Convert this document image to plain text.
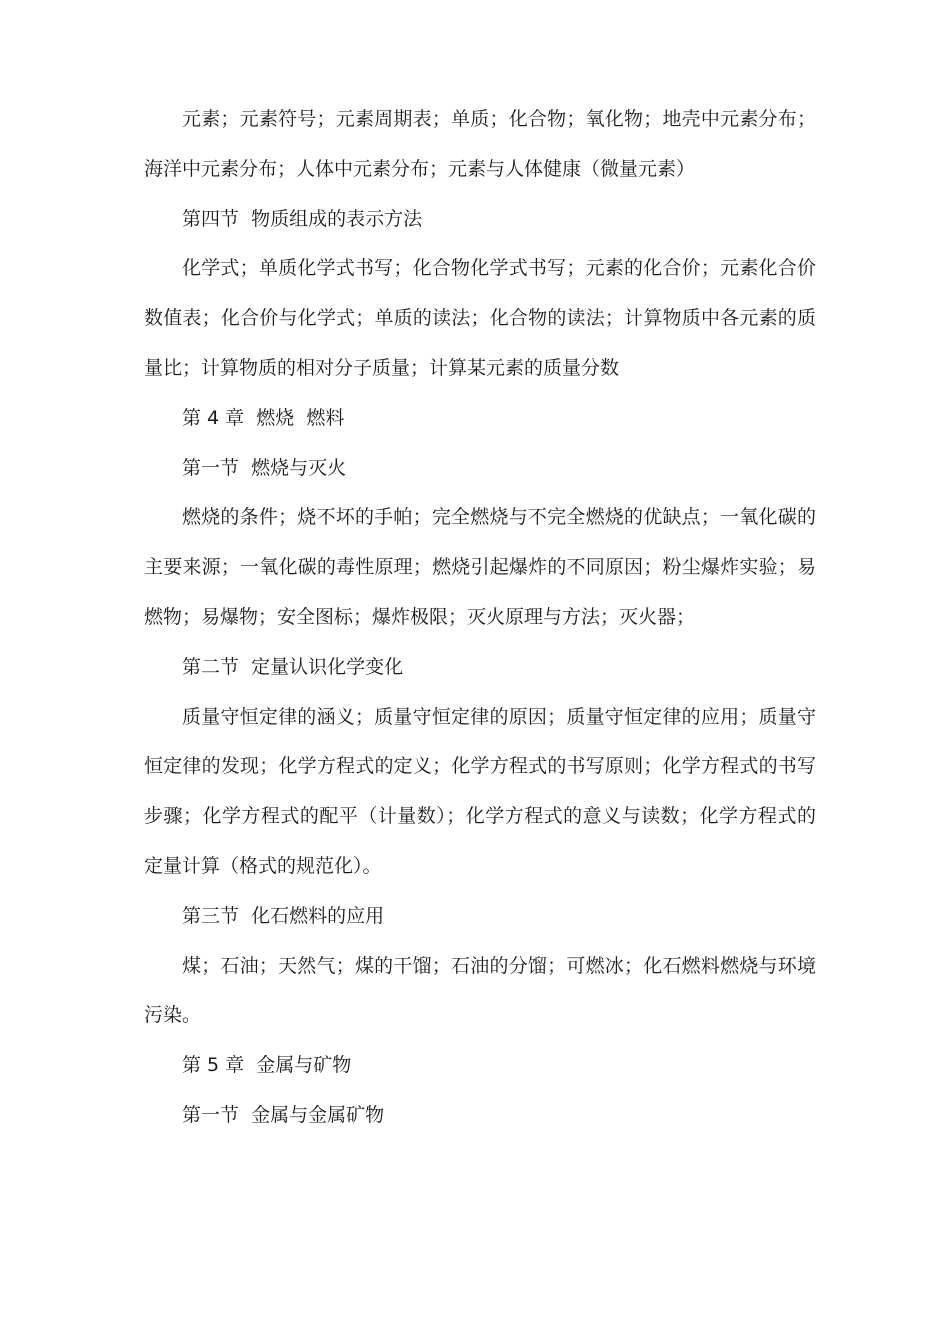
元素；元素符号；元素周期表；单质；化合物；氧化物；地壳中元素分布；海洋中元素分布；人体中元素分布；元素与人体健康（微量元素）

第四节  物质组成的表示方法

化学式；单质化学式书写；化合物化学式书写；元素的化合价；元素化合价数值表；化合价与化学式；单质的读法；化合物的读法；计算物质中各元素的质量比；计算物质的相对分子质量；计算某元素的质量分数

第 4 章  燃烧  燃料

第一节  燃烧与灭火

燃烧的条件；烧不坏的手帕；完全燃烧与不完全燃烧的优缺点；一氧化碳的主要来源；一氧化碳的毒性原理；燃烧引起爆炸的不同原因；粉尘爆炸实验；易燃物；易爆物；安全图标；爆炸极限；灭火原理与方法；灭火器；

第二节  定量认识化学变化

质量守恒定律的涵义；质量守恒定律的原因；质量守恒定律的应用；质量守恒定律的发现；化学方程式的定义；化学方程式的书写原则；化学方程式的书写步骤；化学方程式的配平（计量数）；化学方程式的意义与读数；化学方程式的定量计算（格式的规范化）。

第三节  化石燃料的应用

煤；石油；天然气；煤的干馏；石油的分馏；可燃冰；化石燃料燃烧与环境污染。

第 5 章  金属与矿物

第一节  金属与金属矿物
